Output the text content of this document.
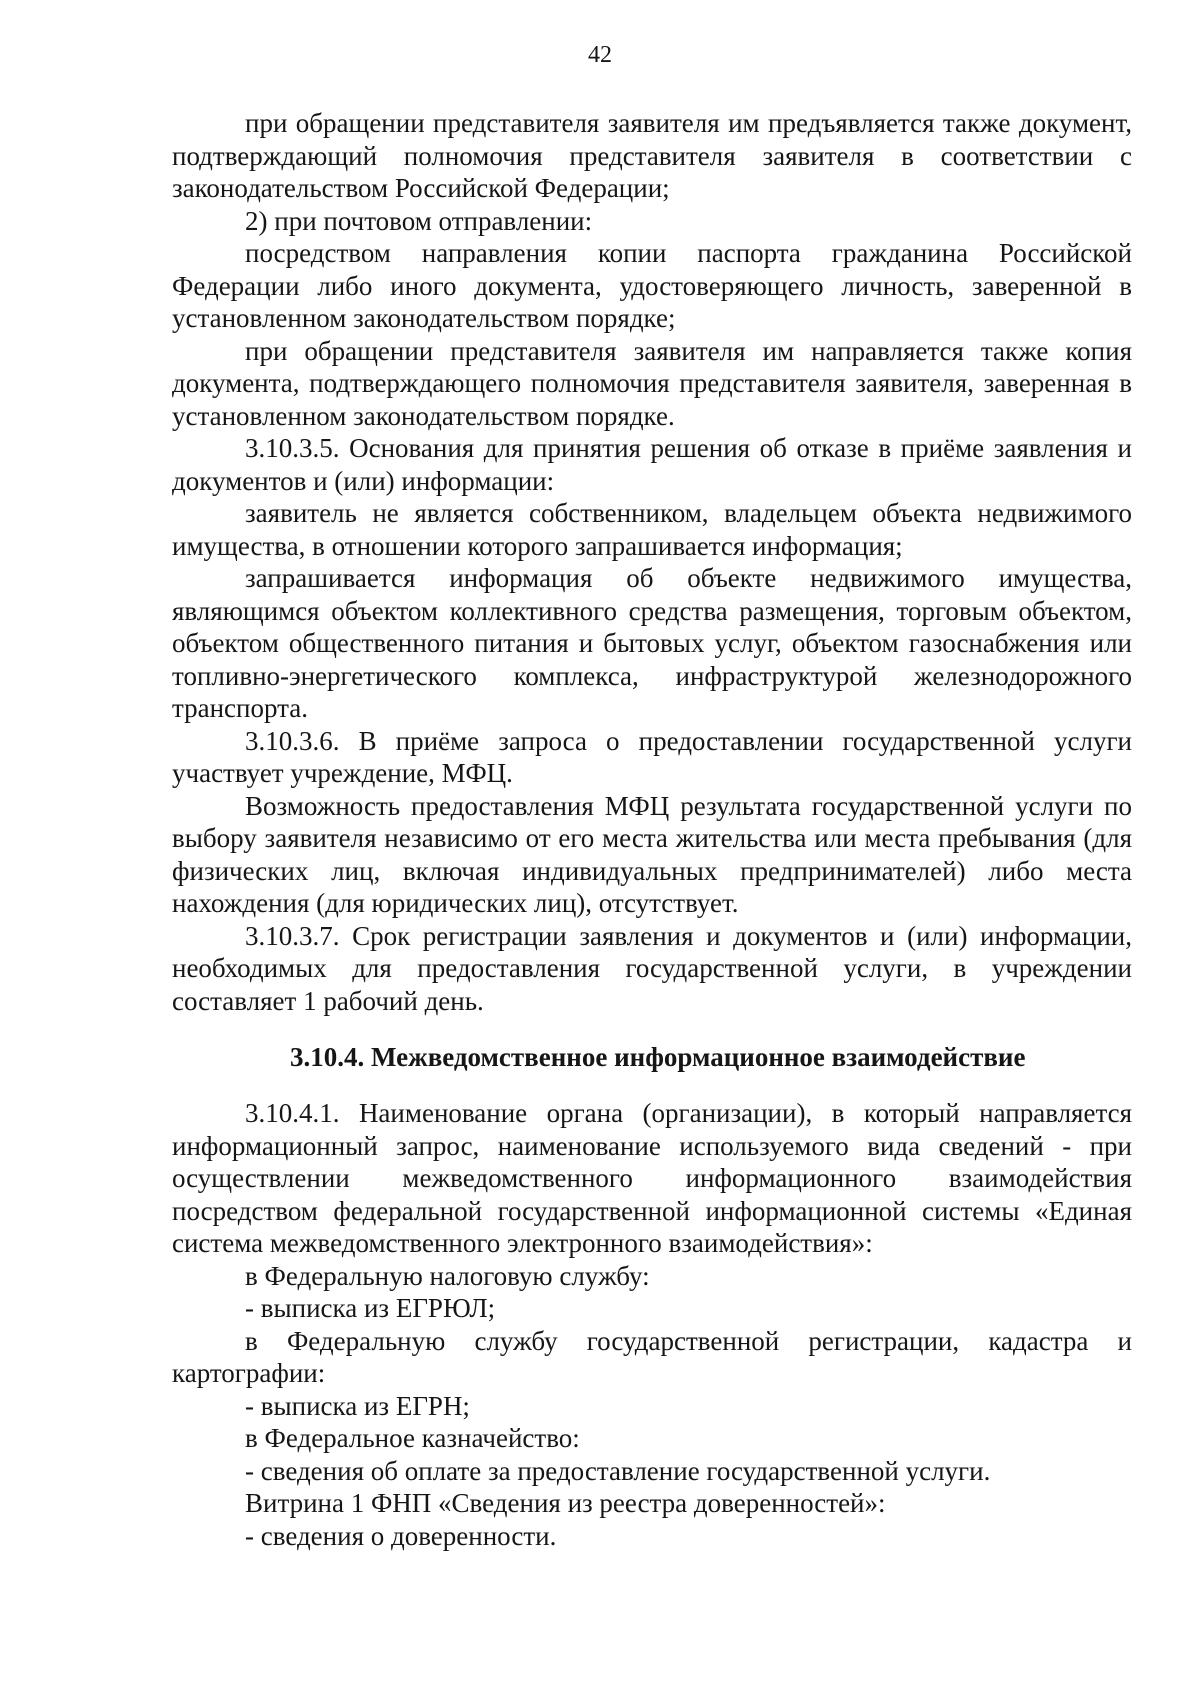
42

при обращении представителя заявителя им предъявляется также документ, подтверждающий полномочия представителя заявителя в соответствии с законодательством Российской Федерации;

2) при почтовом отправлении:

посредством направления копии паспорта гражданина Российской Федерации либо иного документа, удостоверяющего личность, заверенной в установленном законодательством порядке;

при обращении представителя заявителя им направляется также копия документа, подтверждающего полномочия представителя заявителя, заверенная в установленном законодательством порядке.

3.10.3.5. Основания для принятия решения об отказе в приёме заявления и документов и (или) информации:

заявитель не является собственником, владельцем объекта недвижимого имущества, в отношении которого запрашивается информация;

запрашивается информация об объекте недвижимого имущества, являющимся объектом коллективного средства размещения, торговым объектом, объектом общественного питания и бытовых услуг, объектом газоснабжения или топливно-энергетического комплекса, инфраструктурой железнодорожного транспорта.

3.10.3.6. В приёме запроса о предоставлении государственной услуги участвует учреждение, МФЦ.

Возможность предоставления МФЦ результата государственной услуги по выбору заявителя независимо от его места жительства или места пребывания (для физических лиц, включая индивидуальных предпринимателей) либо места нахождения (для юридических лиц), отсутствует.

3.10.3.7. Срок регистрации заявления и документов и (или) информации, необходимых для предоставления государственной услуги, в учреждении составляет 1 рабочий день.

3.10.4. Межведомственное информационное взаимодействие

3.10.4.1. Наименование органа (организации), в который направляется информационный запрос, наименование используемого вида сведений - при осуществлении межведомственного информационного взаимодействия посредством федеральной государственной информационной системы «Единая система межведомственного электронного взаимодействия»:

в Федеральную налоговую службу:

- выписка из ЕГРЮЛ;

в Федеральную службу государственной регистрации, кадастра и картографии:

- выписка из ЕГРН;

в Федеральное казначейство:

- сведения об оплате за предоставление государственной услуги.

Витрина 1 ФНП «Сведения из реестра доверенностей»:

- сведения о доверенности.
